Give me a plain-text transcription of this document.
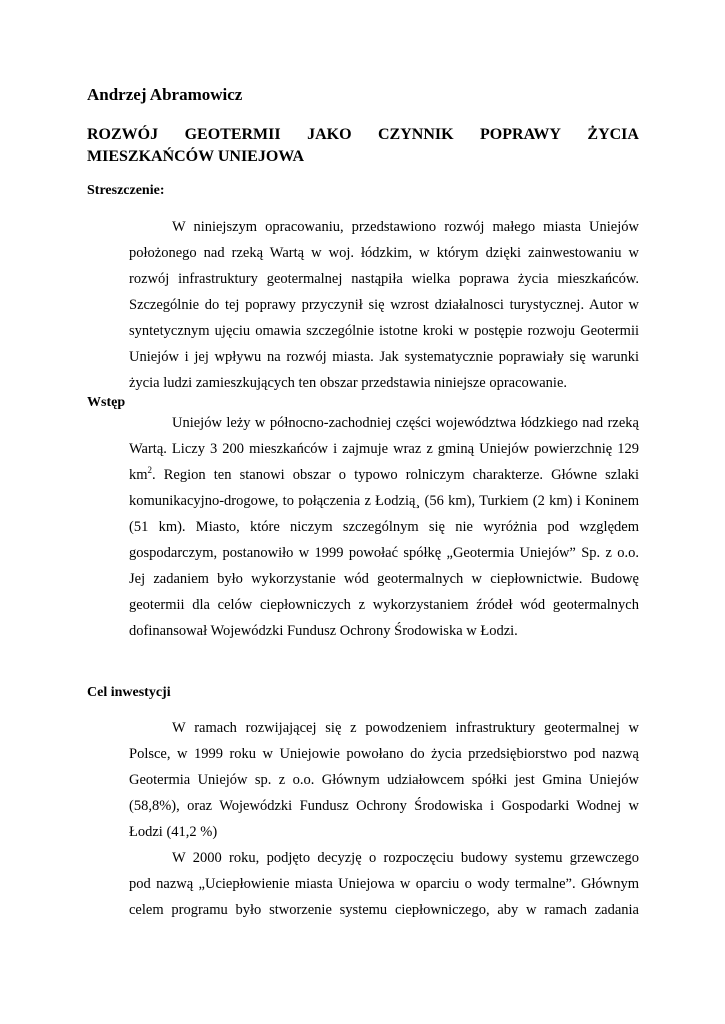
Andrzej Abramowicz
ROZWÓJ GEOTERMII JAKO CZYNNIK POPRAWY ŻYCIA
MIESZKAŃCÓW UNIEJOWA
Streszczenie:
W niniejszym opracowaniu, przedstawiono rozwój małego miasta Uniejów
położonego nad rzeką Wartą w woj. łódzkim, w którym dzięki zainwestowaniu w
rozwój infrastruktury geotermalnej nastąpiła wielka poprawa życia mieszkańców.
Szczególnie do tej poprawy przyczynił się wzrost działalnosci turystycznej. Autor w
syntetycznym ujęciu omawia szczególnie istotne kroki w postępie rozwoju Geotermii
Uniejów i jej wpływu na rozwój miasta. Jak systematycznie poprawiały się warunki
życia ludzi zamieszkujących ten obszar przedstawia niniejsze opracowanie.
Wstęp
Uniejów leży w północno-zachodniej części województwa łódzkiego nad rzeką
Wartą. Liczy 3 200 mieszkańców i zajmuje wraz z gminą Uniejów powierzchnię 129
$km^2$. Region ten stanowi obszar o typowo rolniczym charakterze. Główne szlaki
komunikacyjno-drogowe, to połączenia z Łodzią¸ (56 km), Turkiem (2 km) i Koninem
(51 km). Miasto, które niczym szczególnym się nie wyróżnia pod względem
gospodarczym, postanowiło w 1999 powołać spółkę „Geotermia Uniejów” Sp. z o.o.
Jej zadaniem było wykorzystanie wód geotermalnych w ciepłownictwie. Budowę
geotermii dla celów ciepłowniczych z wykorzystaniem źródeł wód geotermalnych
dofinansował Wojewódzki Fundusz Ochrony Środowiska w Łodzi.
Cel inwestycji
W ramach rozwijającej się z powodzeniem infrastruktury geotermalnej w
Polsce, w 1999 roku w Uniejowie powołano do życia przedsiębiorstwo pod nazwą
Geotermia Uniejów sp. z o.o. Głównym udziałowcem spółki jest Gmina Uniejów
(58,8%), oraz Wojewódzki Fundusz Ochrony Środowiska i Gospodarki Wodnej w
Łodzi (41,2 %)
W 2000 roku, podjęto decyzję o rozpoczęciu budowy systemu grzewczego
pod nazwą „Uciepłowienie miasta Uniejowa w oparciu o wody termalne”. Głównym
celem programu było stworzenie systemu ciepłowniczego, aby w ramach zadania
